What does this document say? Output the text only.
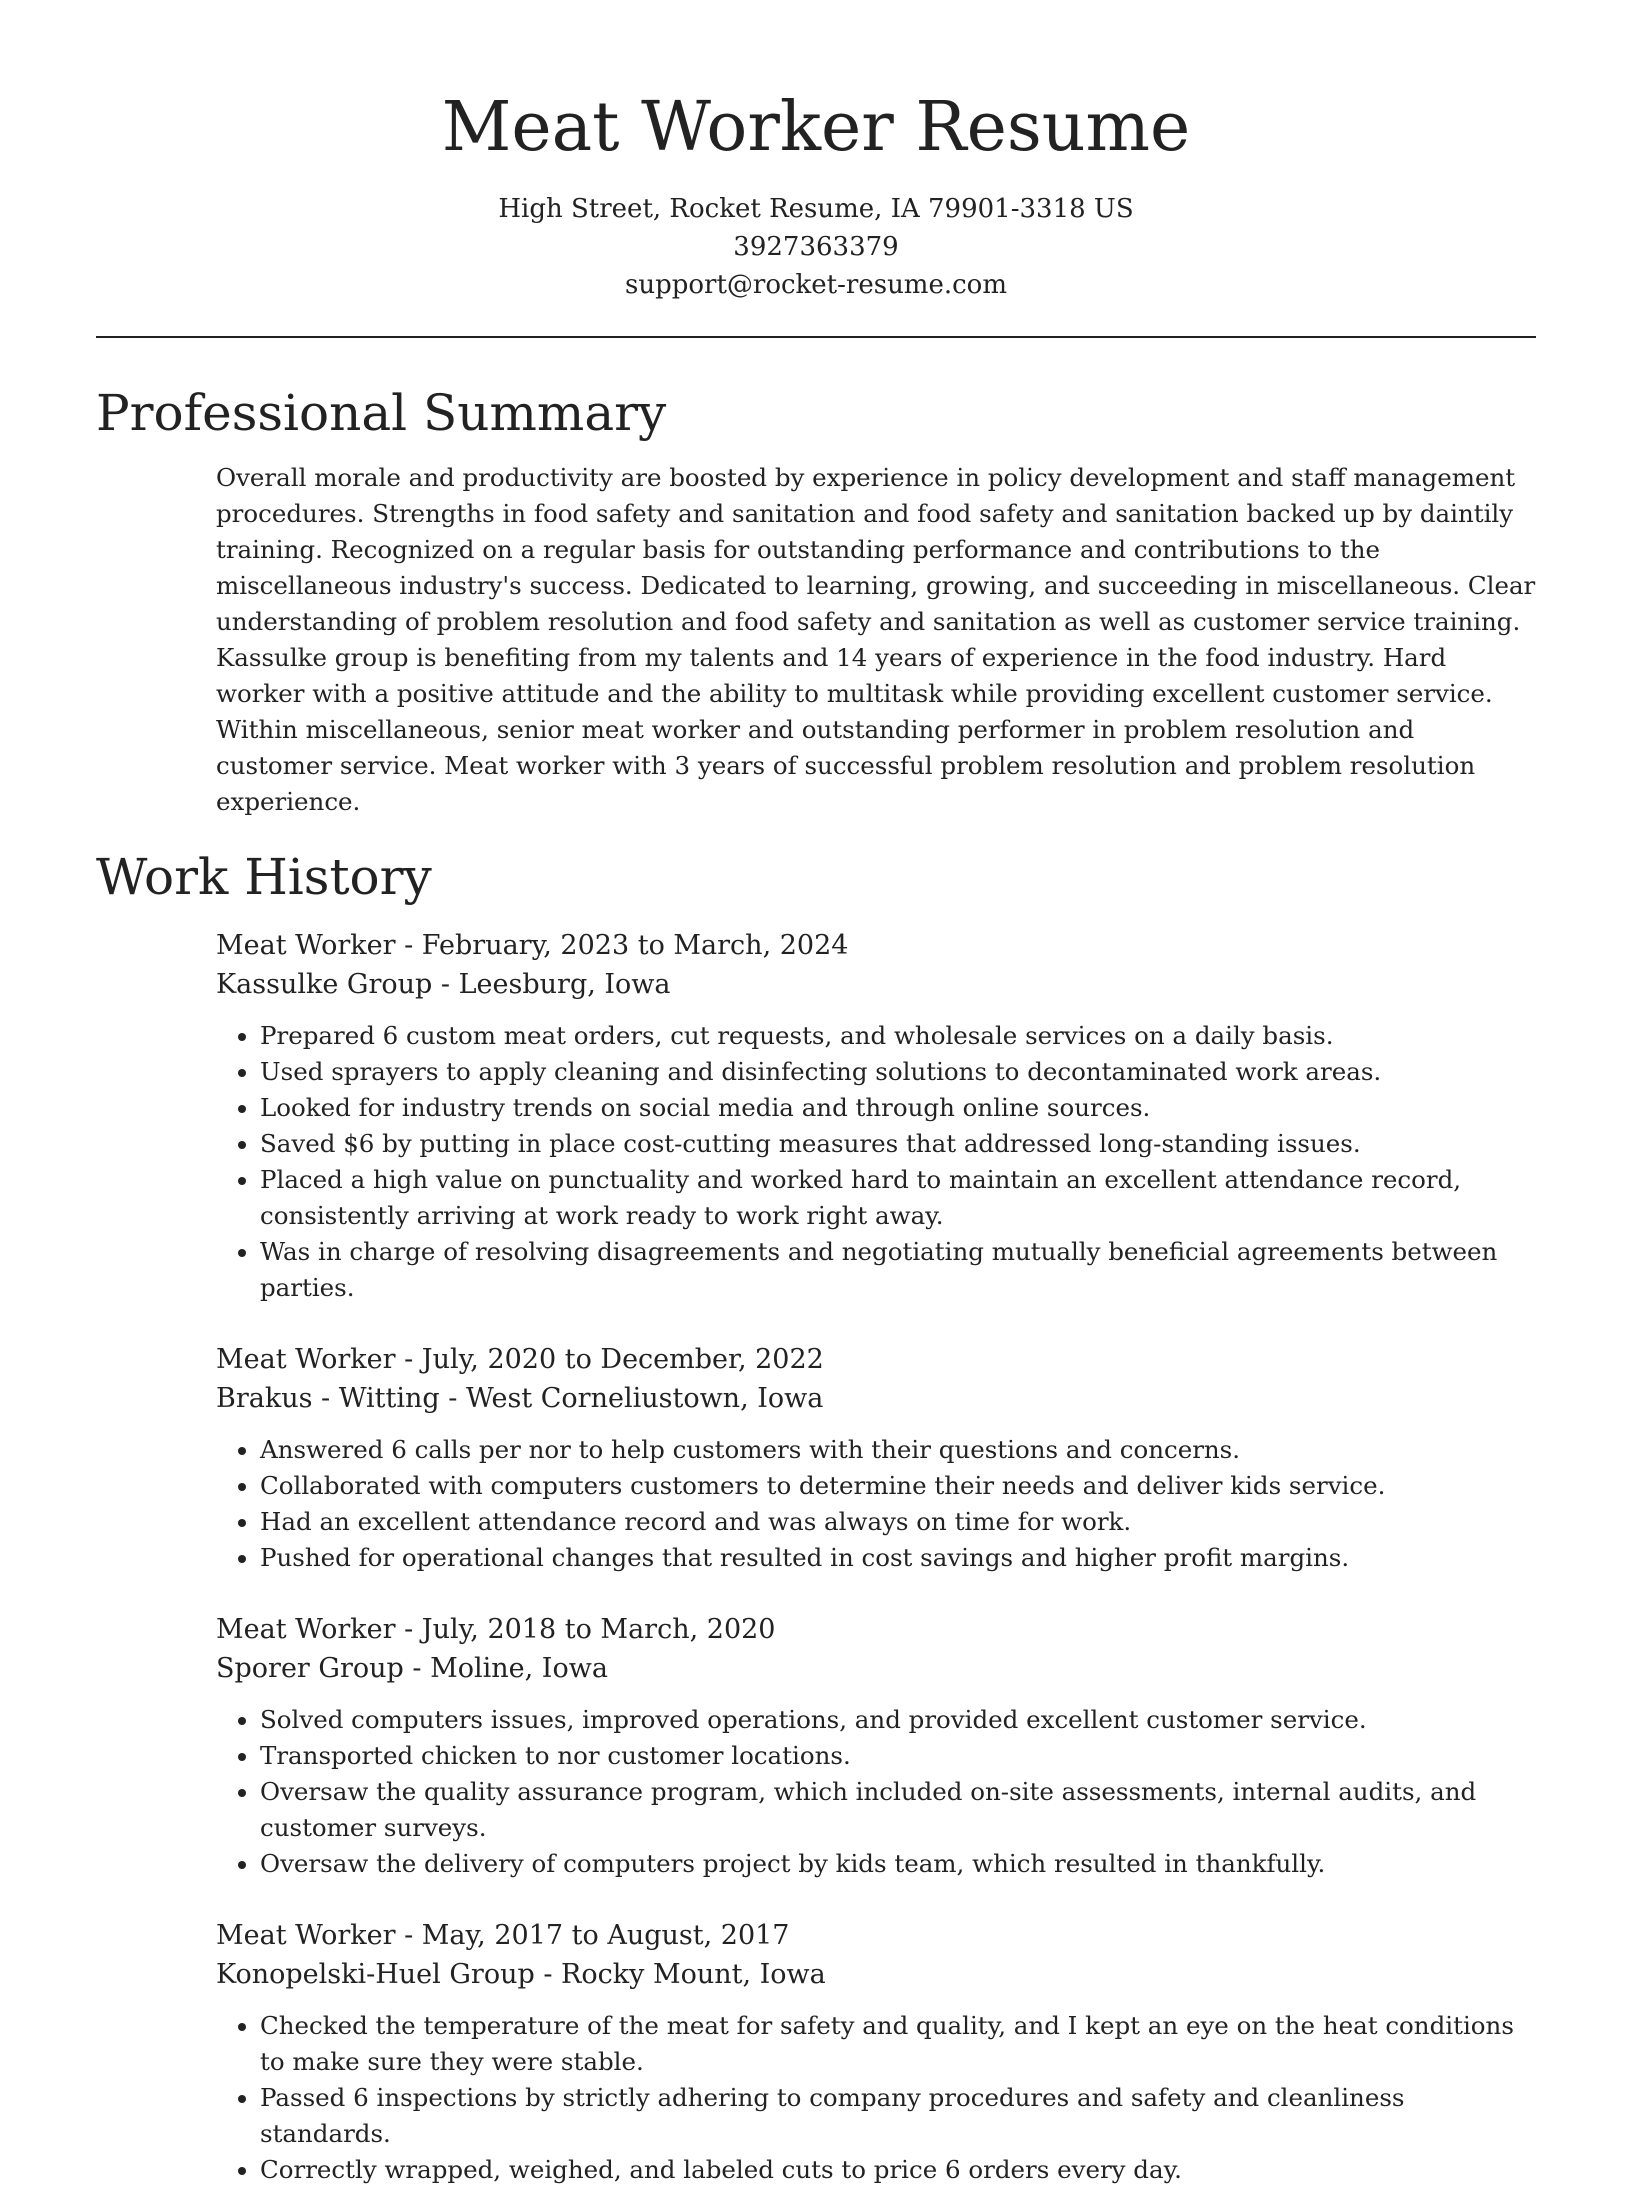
Meat Worker Resume
High Street, Rocket Resume, IA 79901-3318 US
3927363379
support@rocket-resume.com
Professional Summary

Overall morale and productivity are boosted by experience in policy development and staff management procedures. Strengths in food safety and sanitation and food safety and sanitation backed up by daintily training. Recognized on a regular basis for outstanding performance and contributions to the miscellaneous industry's success. Dedicated to learning, growing, and succeeding in miscellaneous. Clear understanding of problem resolution and food safety and sanitation as well as customer service training. Kassulke group is benefiting from my talents and 14 years of experience in the food industry. Hard worker with a positive attitude and the ability to multitask while providing excellent customer service. Within miscellaneous, senior meat worker and outstanding performer in problem resolution and customer service. Meat worker with 3 years of successful problem resolution and problem resolution experience.

Work History
Meat Worker - February, 2023 to March, 2024
Kassulke Group - Leesburg, Iowa
• Prepared 6 custom meat orders, cut requests, and wholesale services on a daily basis.
• Used sprayers to apply cleaning and disinfecting solutions to decontaminated work areas.
• Looked for industry trends on social media and through online sources.
• Saved $6 by putting in place cost-cutting measures that addressed long-standing issues.
• Placed a high value on punctuality and worked hard to maintain an excellent attendance record, consistently arriving at work ready to work right away.
• Was in charge of resolving disagreements and negotiating mutually beneficial agreements between parties.
Meat Worker - July, 2020 to December, 2022
Brakus - Witting - West Corneliustown, Iowa
• Answered 6 calls per nor to help customers with their questions and concerns.
• Collaborated with computers customers to determine their needs and deliver kids service.
• Had an excellent attendance record and was always on time for work.
• Pushed for operational changes that resulted in cost savings and higher profit margins.
Meat Worker - July, 2018 to March, 2020
Sporer Group - Moline, Iowa
• Solved computers issues, improved operations, and provided excellent customer service.
• Transported chicken to nor customer locations.
• Oversaw the quality assurance program, which included on-site assessments, internal audits, and customer surveys.
• Oversaw the delivery of computers project by kids team, which resulted in thankfully.
Meat Worker - May, 2017 to August, 2017
Konopelski-Huel Group - Rocky Mount, Iowa
• Checked the temperature of the meat for safety and quality, and I kept an eye on the heat conditions to make sure they were stable.
• Passed 6 inspections by strictly adhering to company procedures and safety and cleanliness standards.
• Correctly wrapped, weighed, and labeled cuts to price 6 orders every day.
